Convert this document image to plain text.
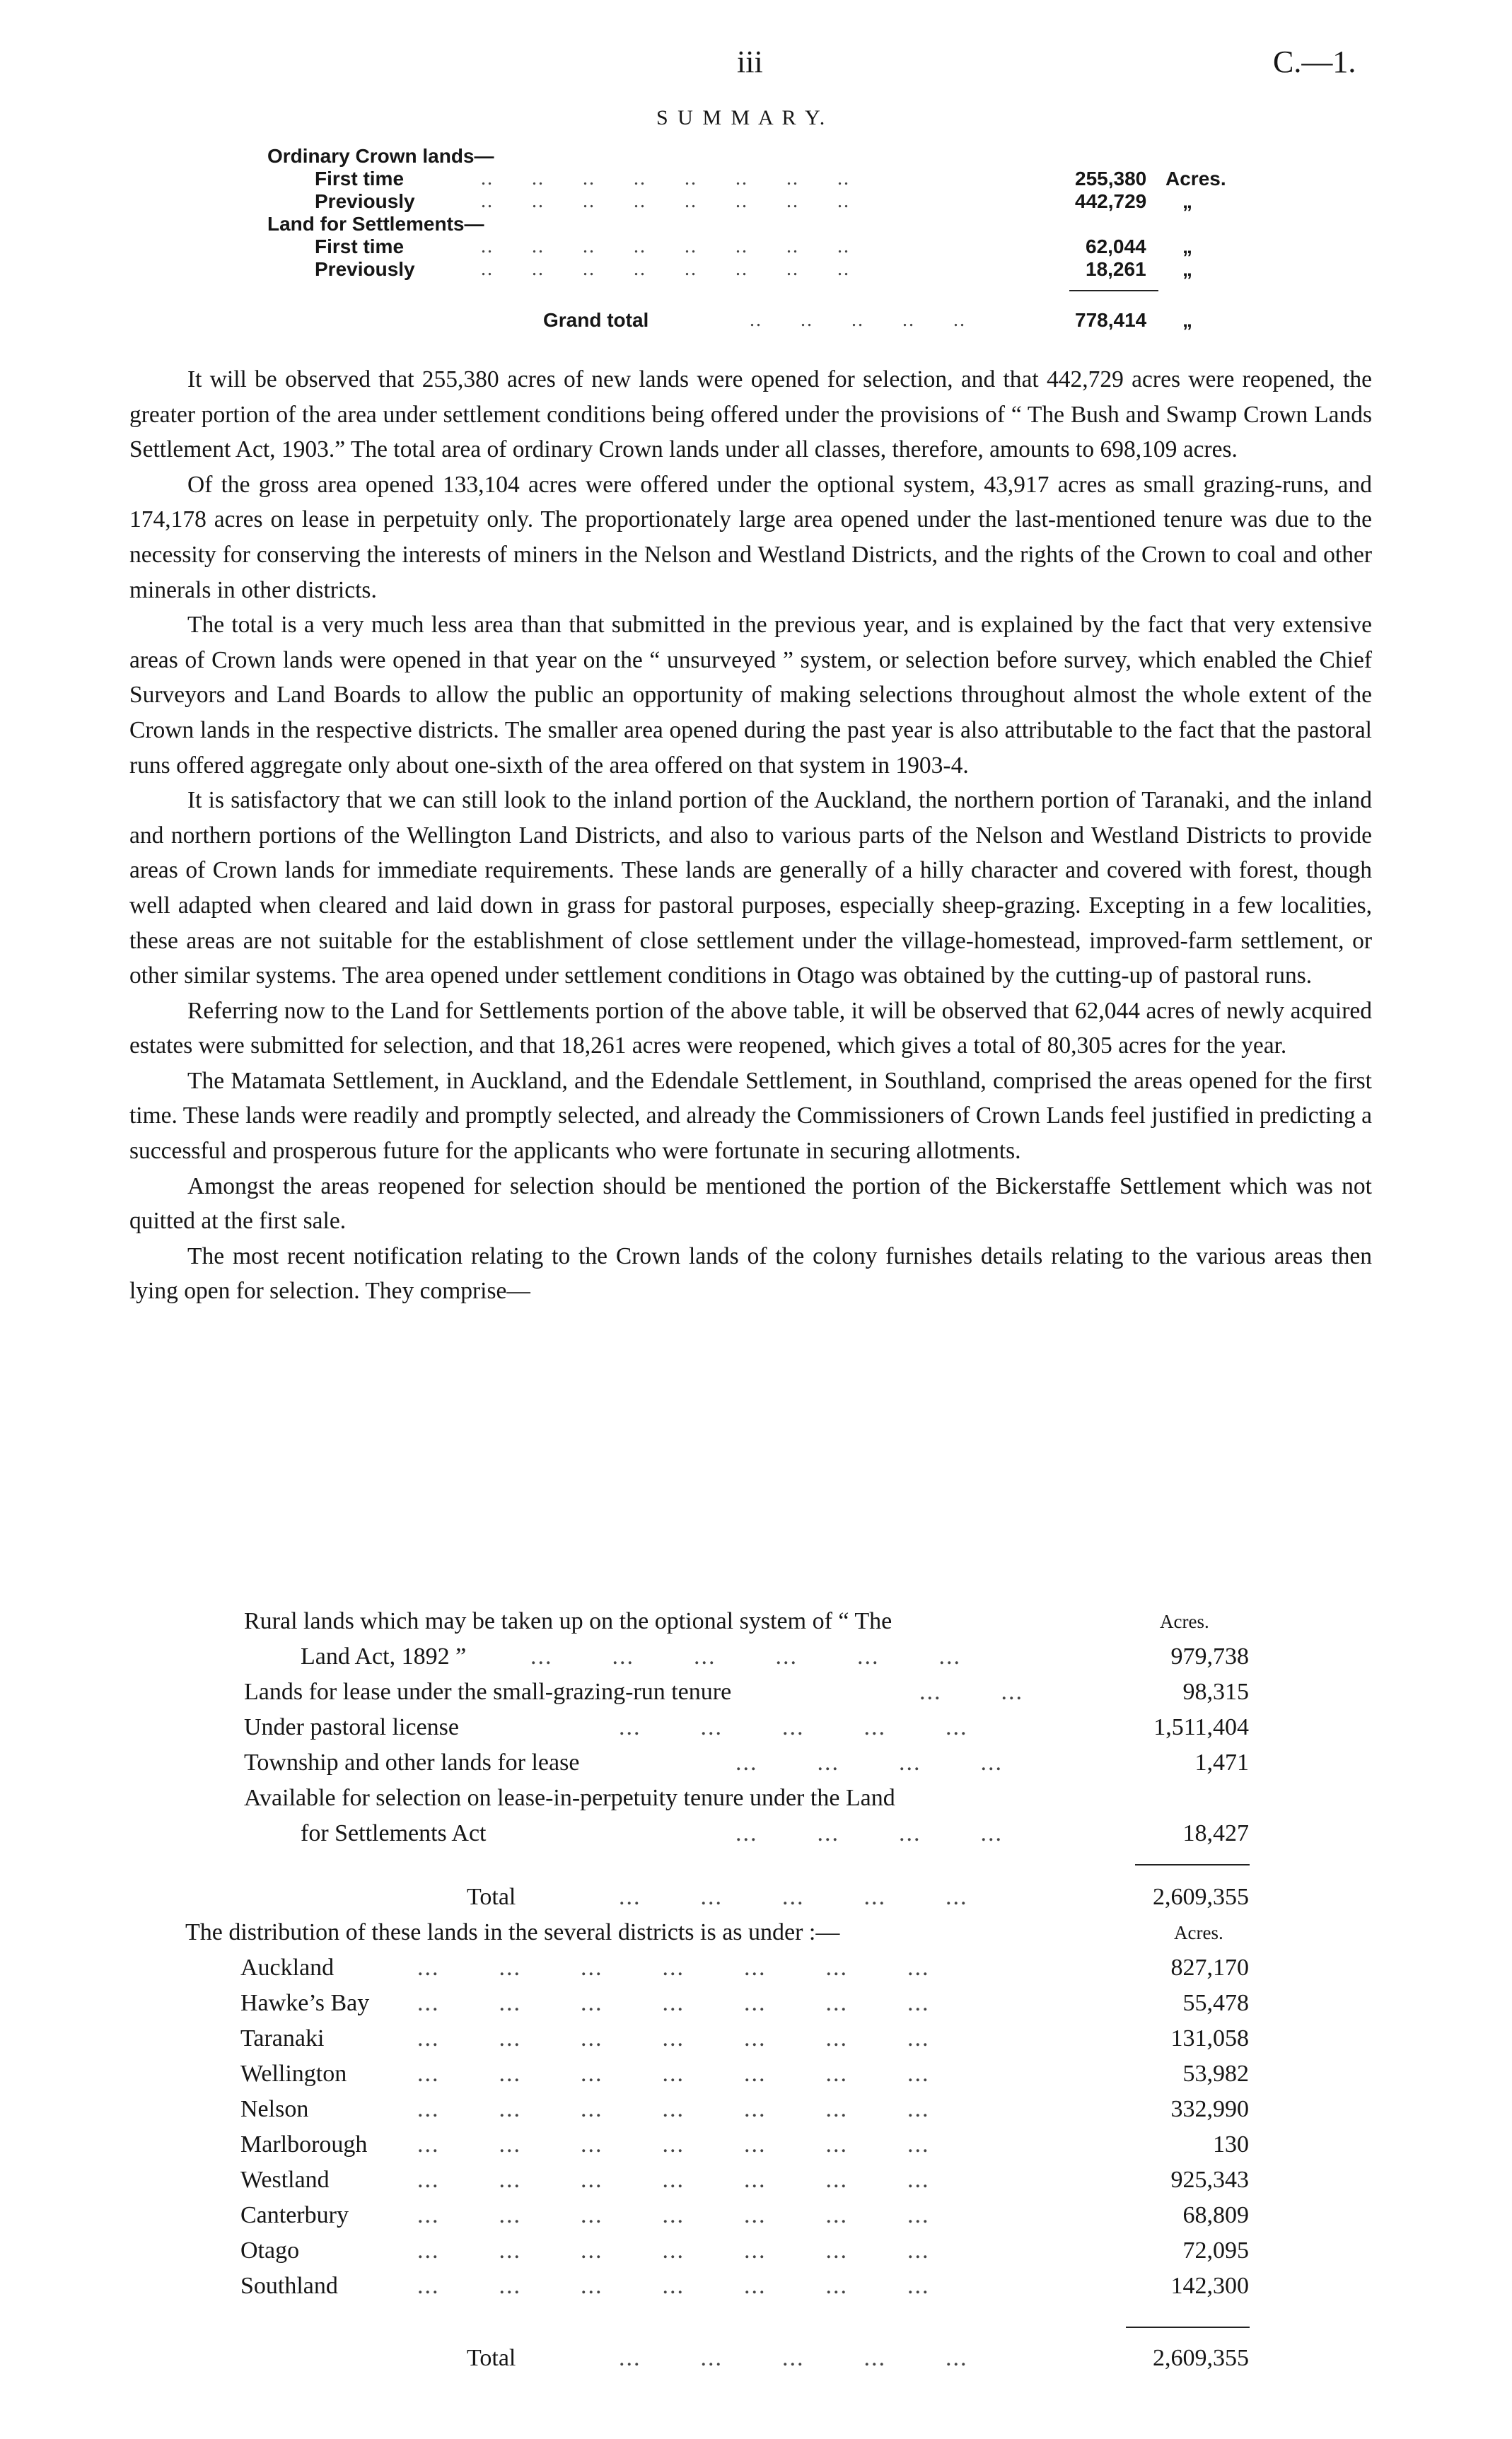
iii	C.—1.
S U M M A R Y.
Ordinary Crown lands—
First time	..      ..      ..      ..      ..      ..      ..      ..	255,380 Acres.
Previously	..      ..      ..      ..      ..      ..      ..      ..	442,729 „
Land for Settlements—
First time	..      ..      ..      ..      ..      ..      ..      ..	62,044 „
Previously	..      ..      ..      ..      ..      ..      ..      ..	18,261 „
Grand total	..      ..      ..      ..      ..	778,414 „

It will be observed that 255,380 acres of new lands were opened for selection, and that 442,729 acres were reopened, the greater portion of the area under settlement conditions being offered under the provisions of “ The Bush and Swamp Crown Lands Settlement Act, 1903.” The total area of ordinary Crown lands under all classes, therefore, amounts to 698,109 acres.

Of the gross area opened 133,104 acres were offered under the optional system, 43,917 acres as small grazing-runs, and 174,178 acres on lease in perpetuity only. The proportionately large area opened under the last-mentioned tenure was due to the necessity for conserving the interests of miners in the Nelson and Westland Districts, and the rights of the Crown to coal and other minerals in other districts.

The total is a very much less area than that submitted in the previous year, and is explained by the fact that very extensive areas of Crown lands were opened in that year on the “ unsurveyed ” system, or selection before survey, which enabled the Chief Surveyors and Land Boards to allow the public an opportunity of making selections throughout almost the whole extent of the Crown lands in the respective districts. The smaller area opened during the past year is also attributable to the fact that the pastoral runs offered aggregate only about one-sixth of the area offered on that system in 1903-4.

It is satisfactory that we can still look to the inland portion of the Auckland, the northern portion of Taranaki, and the inland and northern portions of the Wellington Land Districts, and also to various parts of the Nelson and Westland Districts to provide areas of Crown lands for immediate requirements. These lands are generally of a hilly character and covered with forest, though well adapted when cleared and laid down in grass for pastoral purposes, especially sheep-grazing. Excepting in a few localities, these areas are not suitable for the establishment of close settlement under the village-homestead, improved-farm settlement, or other similar systems. The area opened under settlement conditions in Otago was obtained by the cutting-up of pastoral runs.

Referring now to the Land for Settlements portion of the above table, it will be observed that 62,044 acres of newly acquired estates were submitted for selection, and that 18,261 acres were reopened, which gives a total of 80,305 acres for the year.

The Matamata Settlement, in Auckland, and the Edendale Settlement, in Southland, comprised the areas opened for the first time. These lands were readily and promptly selected, and already the Commissioners of Crown Lands feel justified in predicting a successful and prosperous future for the applicants who were fortunate in securing allotments.

Amongst the areas reopened for selection should be mentioned the portion of the Bickerstaffe Settlement which was not quitted at the first sale.

The most recent notification relating to the Crown lands of the colony furnishes details relating to the various areas then lying open for selection. They comprise—

Acres.
Rural lands which may be taken up on the optional system of “ The
Land Act, 1892 ”	...        ...        ...        ...        ...        ...	979,738
Lands for lease under the small-grazing-run tenure	...        ...	98,315
Under pastoral license	...        ...        ...        ...        ...	1,511,404
Township and other lands for lease	...        ...        ...        ...	1,471
Available for selection on lease-in-perpetuity tenure under the Land
for Settlements Act	...        ...        ...        ...	18,427
Total	...        ...        ...        ...        ...	2,609,355
The distribution of these lands in the several districts is as under :—	Acres.
Auckland	...        ...        ...        ...        ...        ...        ...	827,170
Hawke’s Bay ...        ...        ...        ...        ...        ...        ...	55,478
Taranaki	...        ...        ...        ...        ...        ...        ...	131,058
Wellington	...        ...        ...        ...        ...        ...        ...	53,982
Nelson	...        ...        ...        ...        ...        ...        ...	332,990
Marlborough ...        ...        ...        ...        ...        ...        ...	130
Westland	...        ...        ...        ...        ...        ...        ...	925,343
Canterbury	...        ...        ...        ...        ...        ...        ...	68,809
Otago	...        ...        ...        ...        ...        ...        ...	72,095
Southland	...        ...        ...        ...        ...        ...        ...	142,300
Total	...        ...        ...        ...        ...	2,609,355
